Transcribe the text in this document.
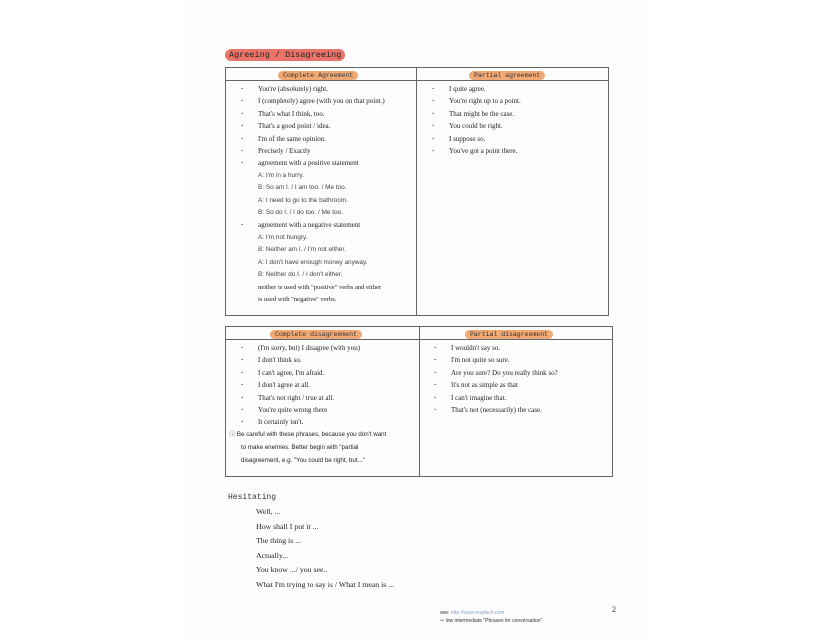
Agreeing / Disagreeing
Complete Agreement	Partial agreement
· You're (absolutely) right.
· I (completely) agree (with you on that point.)
· That's what I think, too.
· That's a good point / idea.
· I'm of the same opinion.
· Precisely / Exactly
· agreement with a positive statement
A: I'm in a hurry.
B: So am I. / I am too. / Me too.
A: I need to go to the bathroom.
B: So do I. / I do too. / Me too.
· agreement with a negative statement
A: I'm not hungry.
B: Neither am I. / I'm not either.
A: I don't have enough money anyway.
B: Neither do I. / I don't either.
neither is used with "positive" verbs and either
is used with "negative" verbs.
· I quite agree.
· You're right up to a point.
· That might be the case.
· You could be right.
· I suppose so.
· You've got a point there.
Complete disagreement	Partial disagreement
· (I'm sorry, but) I disagree (with you)
· I don't think so.
· I can't agree, I'm afraid.
· I don't agree at all.
· That's not right / true at all.
· You're quite wrong there
· It certainly isn't.
· I wouldn't say so.
· I'm not quite so sure.
· Are you sure? Do you really think so?
· It's not as simple as that
· I can't imagine that.
· That's not (necessarily) the case.
ⓘ Be careful with these phrases, because you don't want
to make enemies. Better begin with "partial
disagreement, e.g. "You could be right, but..."
Hesitating
Well, ...
How shall I put it ...
The thing is ...
Actually...
You know .../ you see..
What I'm trying to say is / What I mean is ...
2
see: http://www.englisch.com
⇨ low intermediate "Phrases for conversation"
